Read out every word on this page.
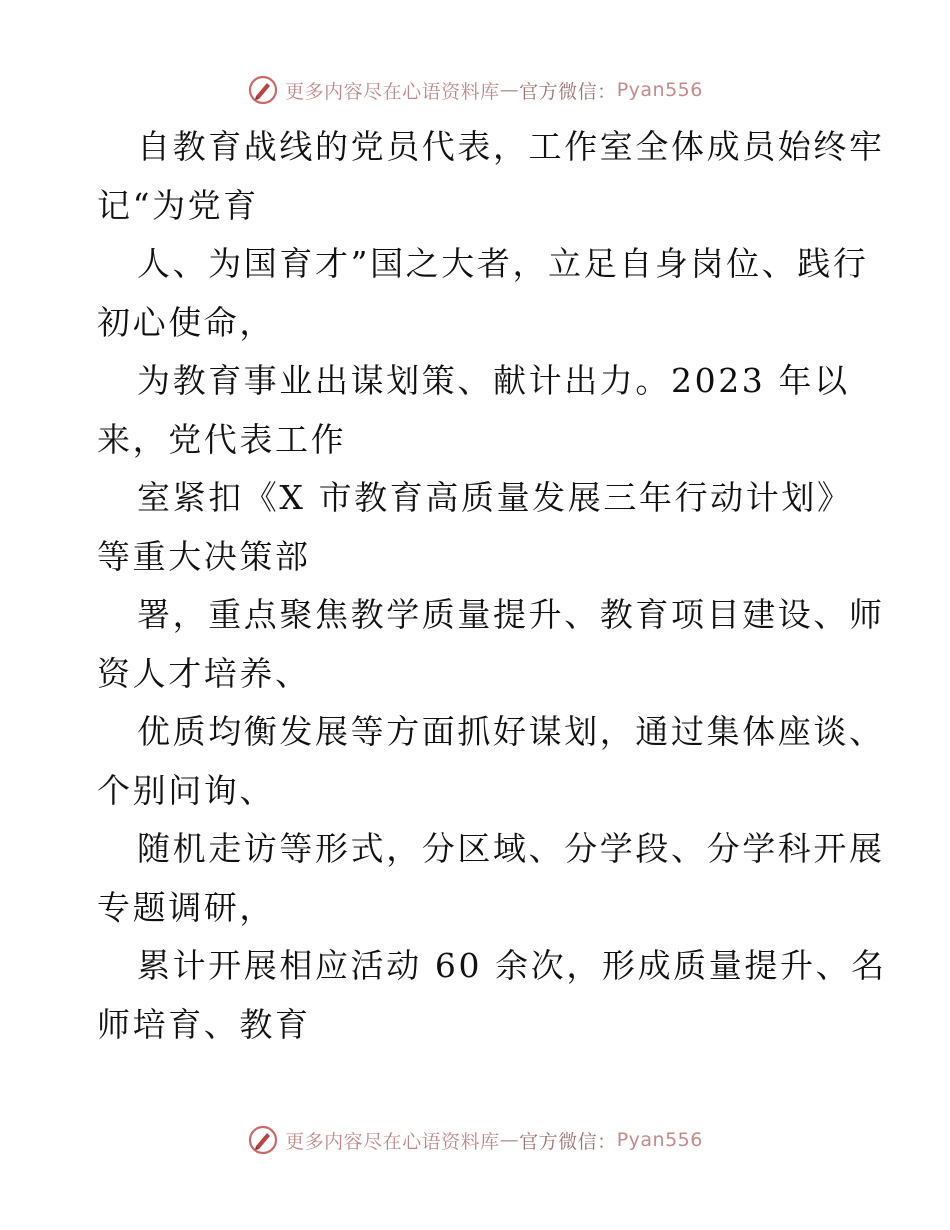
更多内容尽在心语资料库 — 官方微信： Pyan556
自教育战线的党员代表，工作室全体成员始终牢
记“为党育
人、为国育才”国之大者，立足自身岗位、践行
初心使命，
为教育事业出谋划策、献计出力。2023 年以
来，党代表工作
室紧扣《X 市教育高质量发展三年行动计划》
等重大决策部
署，重点聚焦教学质量提升、教育项目建设、师
资人才培养、
优质均衡发展等方面抓好谋划，通过集体座谈、
个别问询、
随机走访等形式，分区域、分学段、分学科开展
专题调研，
累计开展相应活动 60 余次，形成质量提升、名
师培育、教育
更多内容尽在心语资料库 — 官方微信： Pyan556
